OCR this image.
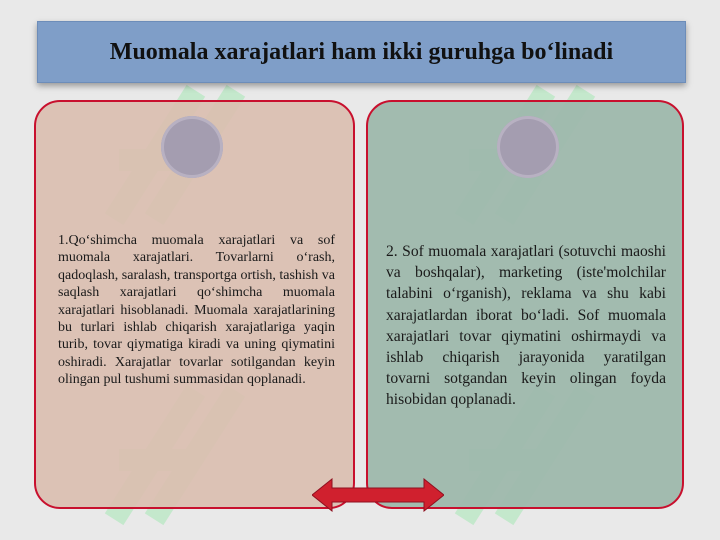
Muomala xarajatlari ham ikki guruhga bo‘linadi
1.Qo‘shimcha muomala xarajatlari va sof muomala xarajatlari. Tovarlarni o‘rash, qadoqlash, saralash, transportga ortish, tashish va saqlash xarajatlari qo‘shimcha muomala xarajatlari hisoblanadi. Muomala xarajatlarining bu turlari ishlab chiqarish xarajatlariga yaqin turib, tovar qiymatiga kiradi va uning qiymatini oshiradi. Xarajatlar tovarlar sotilgandan keyin olingan pul tushumi summasidan qoplanadi.
2. Sof muomala xarajatlari (sotuvchi maoshi va boshqalar), marketing (iste'molchilar talabini o‘rganish), reklama va shu kabi xarajatlardan iborat bo‘ladi. Sof muomala xarajatlari tovar qiymatini oshirmaydi va ishlab chiqarish jarayonida yaratilgan tovarni sotgandan keyin olingan foyda hisobidan qoplanadi.
